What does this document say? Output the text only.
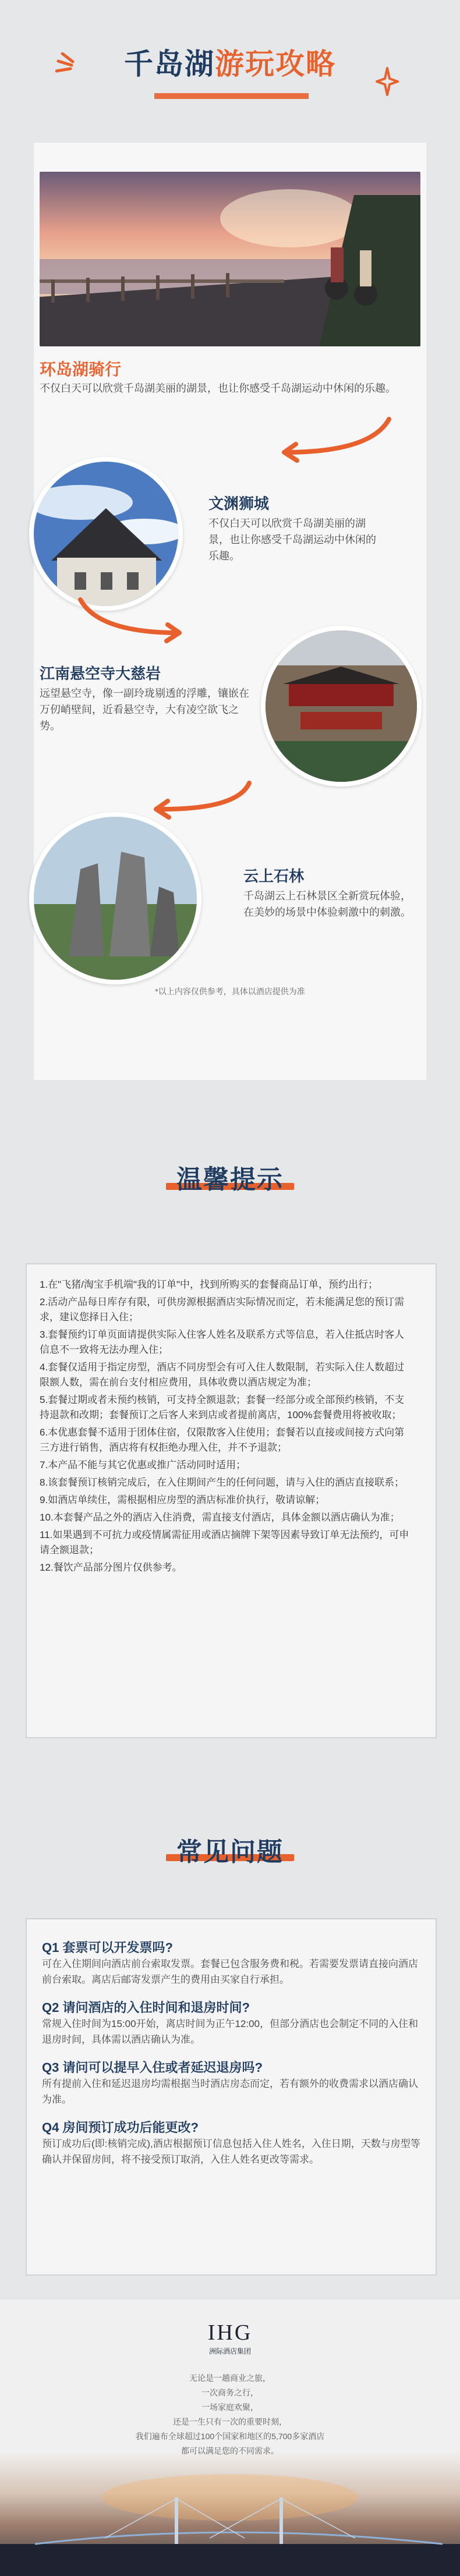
千岛湖游玩攻略
环岛湖骑行
不仅白天可以欣赏千岛湖美丽的湖景，也让你感受千岛湖运动中休闲的乐趣。
文渊狮城
不仅白天可以欣赏千岛湖美丽的湖景，也让你感受千岛湖运动中休闲的乐趣。
江南悬空寺大慈岩
远望悬空寺，像一副玲珑剔透的浮雕，镶嵌在万仞峭壁间，近看悬空寺，大有凌空欲飞之势。
云上石林
千岛湖云上石林景区全新赏玩体验，在美妙的场景中体验刺激中的刺激。
*以上内容仅供参考，具体以酒店提供为准
温馨提示
1.在"飞猪/淘宝手机端"我的订单"中，找到所购买的套餐商品订单，预约出行；
2.活动产品每日库存有限，可供房源根据酒店实际情况而定，若未能满足您的预订需求，建议您择日入住；
3.套餐预约订单页面请提供实际入住客人姓名及联系方式等信息，若入住抵店时客人信息不一致将无法办理入住；
4.套餐仅适用于指定房型，酒店不同房型会有可入住人数限制，若实际入住人数超过限额人数，需在前台支付相应费用，具体收费以酒店规定为准；
5.套餐过期或者未预约核销，可支持全额退款；套餐一经部分或全部预约核销，不支持退款和改期；套餐预订之后客人来到店或者提前离店，100%套餐费用将被收取；
6.本优惠套餐不适用于团体住宿，仅限散客入住使用；套餐若以直接或间接方式向第三方进行销售，酒店将有权拒绝办理入住，并不予退款；
7.本产品不能与其它优惠或推广活动同时适用；
8.该套餐预订核销完成后，在入住期间产生的任何问题，请与入住的酒店直接联系；
9.如酒店单续住，需根据相应房型的酒店标准价执行，敬请谅解；
10.本套餐产品之外的酒店入住消费，需直接支付酒店，具体金额以酒店确认为准；
11.如果遇到不可抗力或疫情属需征用或酒店摘牌下架等因素导致订单无法预约，可申请全额退款；
12.餐饮产品部分图片仅供参考。
常见问题
Q1 套票可以开发票吗?
可在入住期间向酒店前台索取发票。套餐已包含服务费和税。若需要发票请直接向酒店前台索取。离店后邮寄发票产生的费用由买家自行承担。
Q2 请问酒店的入住时间和退房时间?
常规入住时间为15:00开始，离店时间为正午12:00，但部分酒店也会制定不同的入住和退房时间，具体需以酒店确认为准。
Q3 请问可以提早入住或者延迟退房吗?
所有提前入住和延迟退房均需根据当时酒店房态而定，若有额外的收费需求以酒店确认为准。
Q4 房间预订成功后能更改?
预订成功后(即:核销完成),酒店根据预订信息包括入住人姓名，入住日期，天数与房型等确认并保留房间，将不接受预订取消，入住人姓名更改等需求。
IHG
洲际酒店集团
无论是一趟商业之旅，
一次商务之行，
一场家庭欢聚，
还是一生只有一次的重要时刻，
我们遍布全球超过100个国家和地区的5,700多家酒店
都可以满足您的不同需求。
